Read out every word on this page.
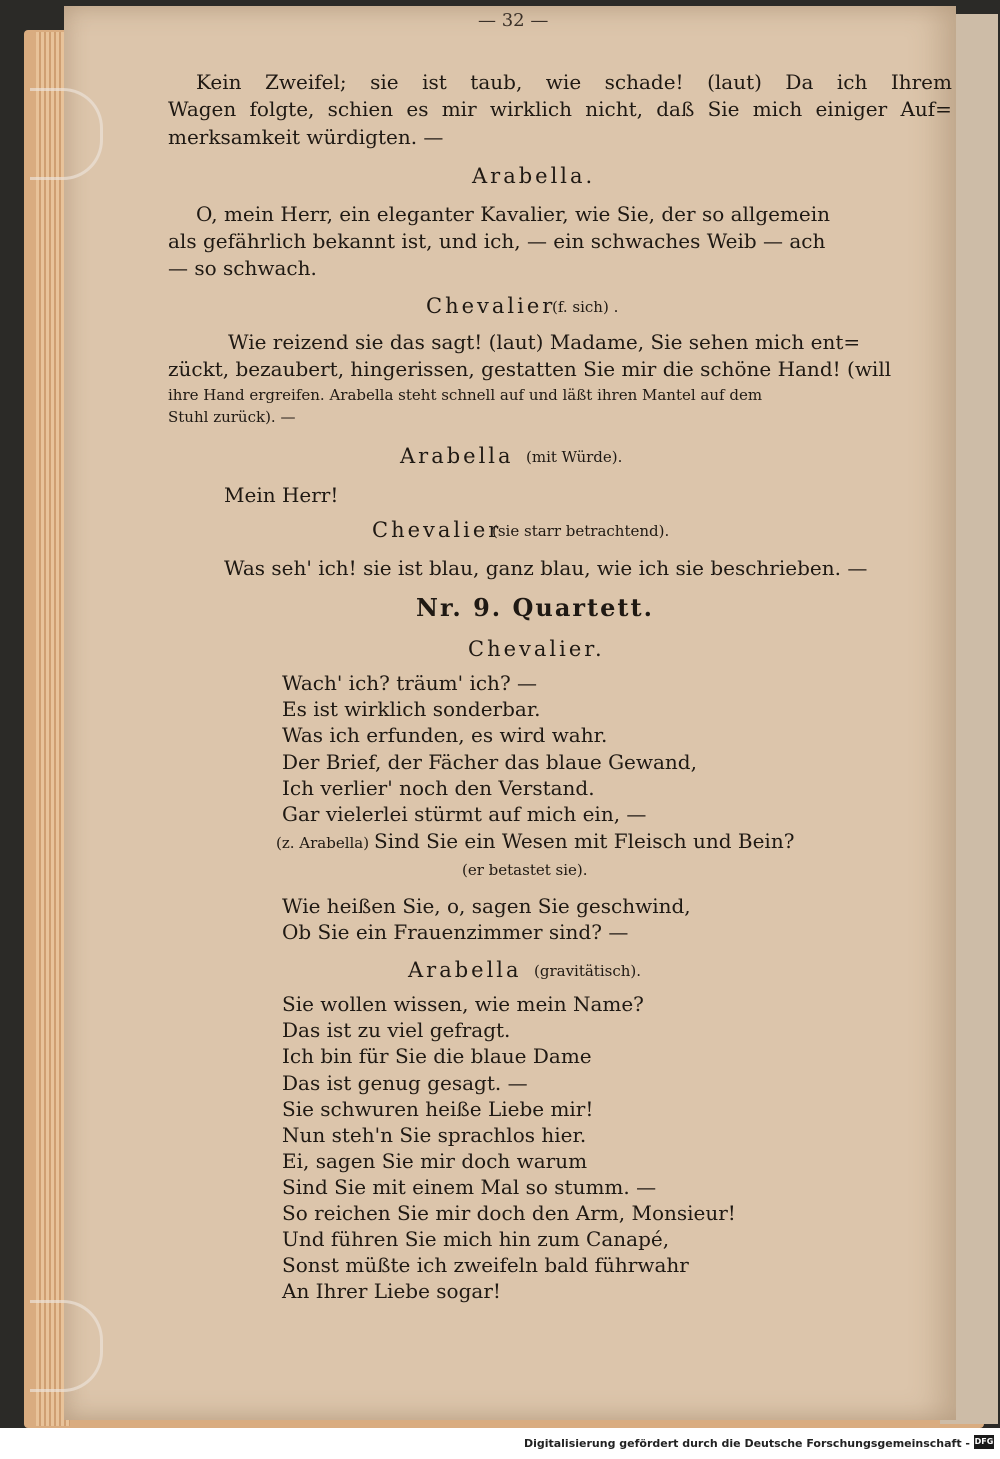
— 32 —
Kein Zweifel; sie ist taub, wie schade! (laut) Da ich Ihrem
Wagen folgte, schien es mir wirklich nicht, daß Sie mich einiger Auf=
merksamkeit würdigten. —
Arabella.
O, mein Herr, ein eleganter Kavalier, wie Sie, der so allgemein
als gefährlich bekannt ist, und ich, — ein schwaches Weib — ach
— so schwach.
Chevalier
(f. sich) .
Wie reizend sie das sagt! (laut) Madame, Sie sehen mich ent=
zückt, bezaubert, hingerissen, gestatten Sie mir die schöne Hand! (will
ihre Hand ergreifen. Arabella steht schnell auf und läßt ihren Mantel auf dem
Stuhl zurück). —
Arabella (mit Würde).
Mein Herr!
Chevalier
(sie starr betrachtend).
Was seh' ich! sie ist blau, ganz blau, wie ich sie beschrieben. —
Nr. 9. Quartett.
Chevalier.
Wach' ich? träum' ich? —
Es ist wirklich sonderbar.
Was ich erfunden, es wird wahr.
Der Brief, der Fächer das blaue Gewand,
Ich verlier' noch den Verstand.
Gar vielerlei stürmt auf mich ein, —
(z. Arabella) Sind Sie ein Wesen mit Fleisch und Bein?
(er betastet sie).
Wie heißen Sie, o, sagen Sie geschwind,
Ob Sie ein Frauenzimmer sind? —
Arabella (gravitätisch).
Sie wollen wissen, wie mein Name?
Das ist zu viel gefragt.
Ich bin für Sie die blaue Dame
Das ist genug gesagt. —
Sie schwuren heiße Liebe mir!
Nun steh'n Sie sprachlos hier.
Ei, sagen Sie mir doch warum
Sind Sie mit einem Mal so stumm. —
So reichen Sie mir doch den Arm, Monsieur!
Und führen Sie mich hin zum Canapé,
Sonst müßte ich zweifeln bald führwahr
An Ihrer Liebe sogar!
Digitalisierung gefördert durch die Deutsche Forschungsgemeinschaft - DFG
